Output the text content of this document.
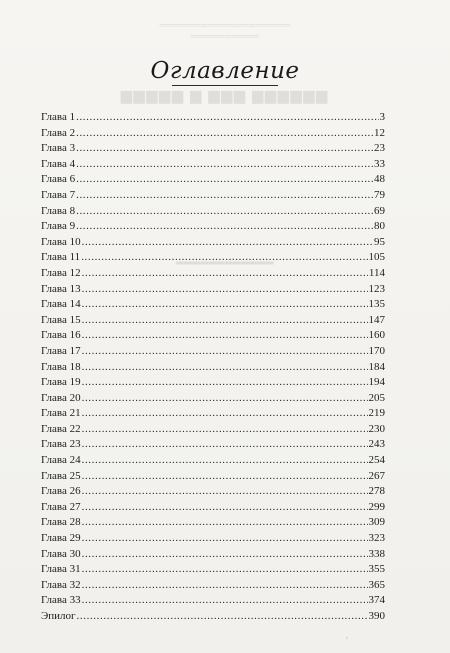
═══════════════════
══════════
▆▆▆▆▆ ▆ ▆▆▆ ▆▆▆▆▆▆
▂▂▂▂▂▂▂▂▂▂▂▂
Оглавление
Глава 1 .....	3
Глава 2 .....	12
Глава 3 .....	23
Глава 4 .....	33
Глава 6 .....	48
Глава 7 .....	79
Глава 8 .....	69
Глава 9 .....	80
Глава 10 .....	95
Глава 11 .....	105
Глава 12 .....	114
Глава 13 .....	123
Глава 14 .....	135
Глава 15 .....	147
Глава 16 .....	160
Глава 17 .....	170
Глава 18 .....	184
Глава 19 .....	194
Глава 20 .....	205
Глава 21 .....	219
Глава 22 .....	230
Глава 23 .....	243
Глава 24 .....	254
Глава 25 .....	267
Глава 26 .....	278
Глава 27 .....	299
Глава 28 .....	309
Глава 29 .....	323
Глава 30 .....	338
Глава 31 .....	355
Глава 32 .....	365
Глава 33 .....	374
Эпилог .....	390
'
